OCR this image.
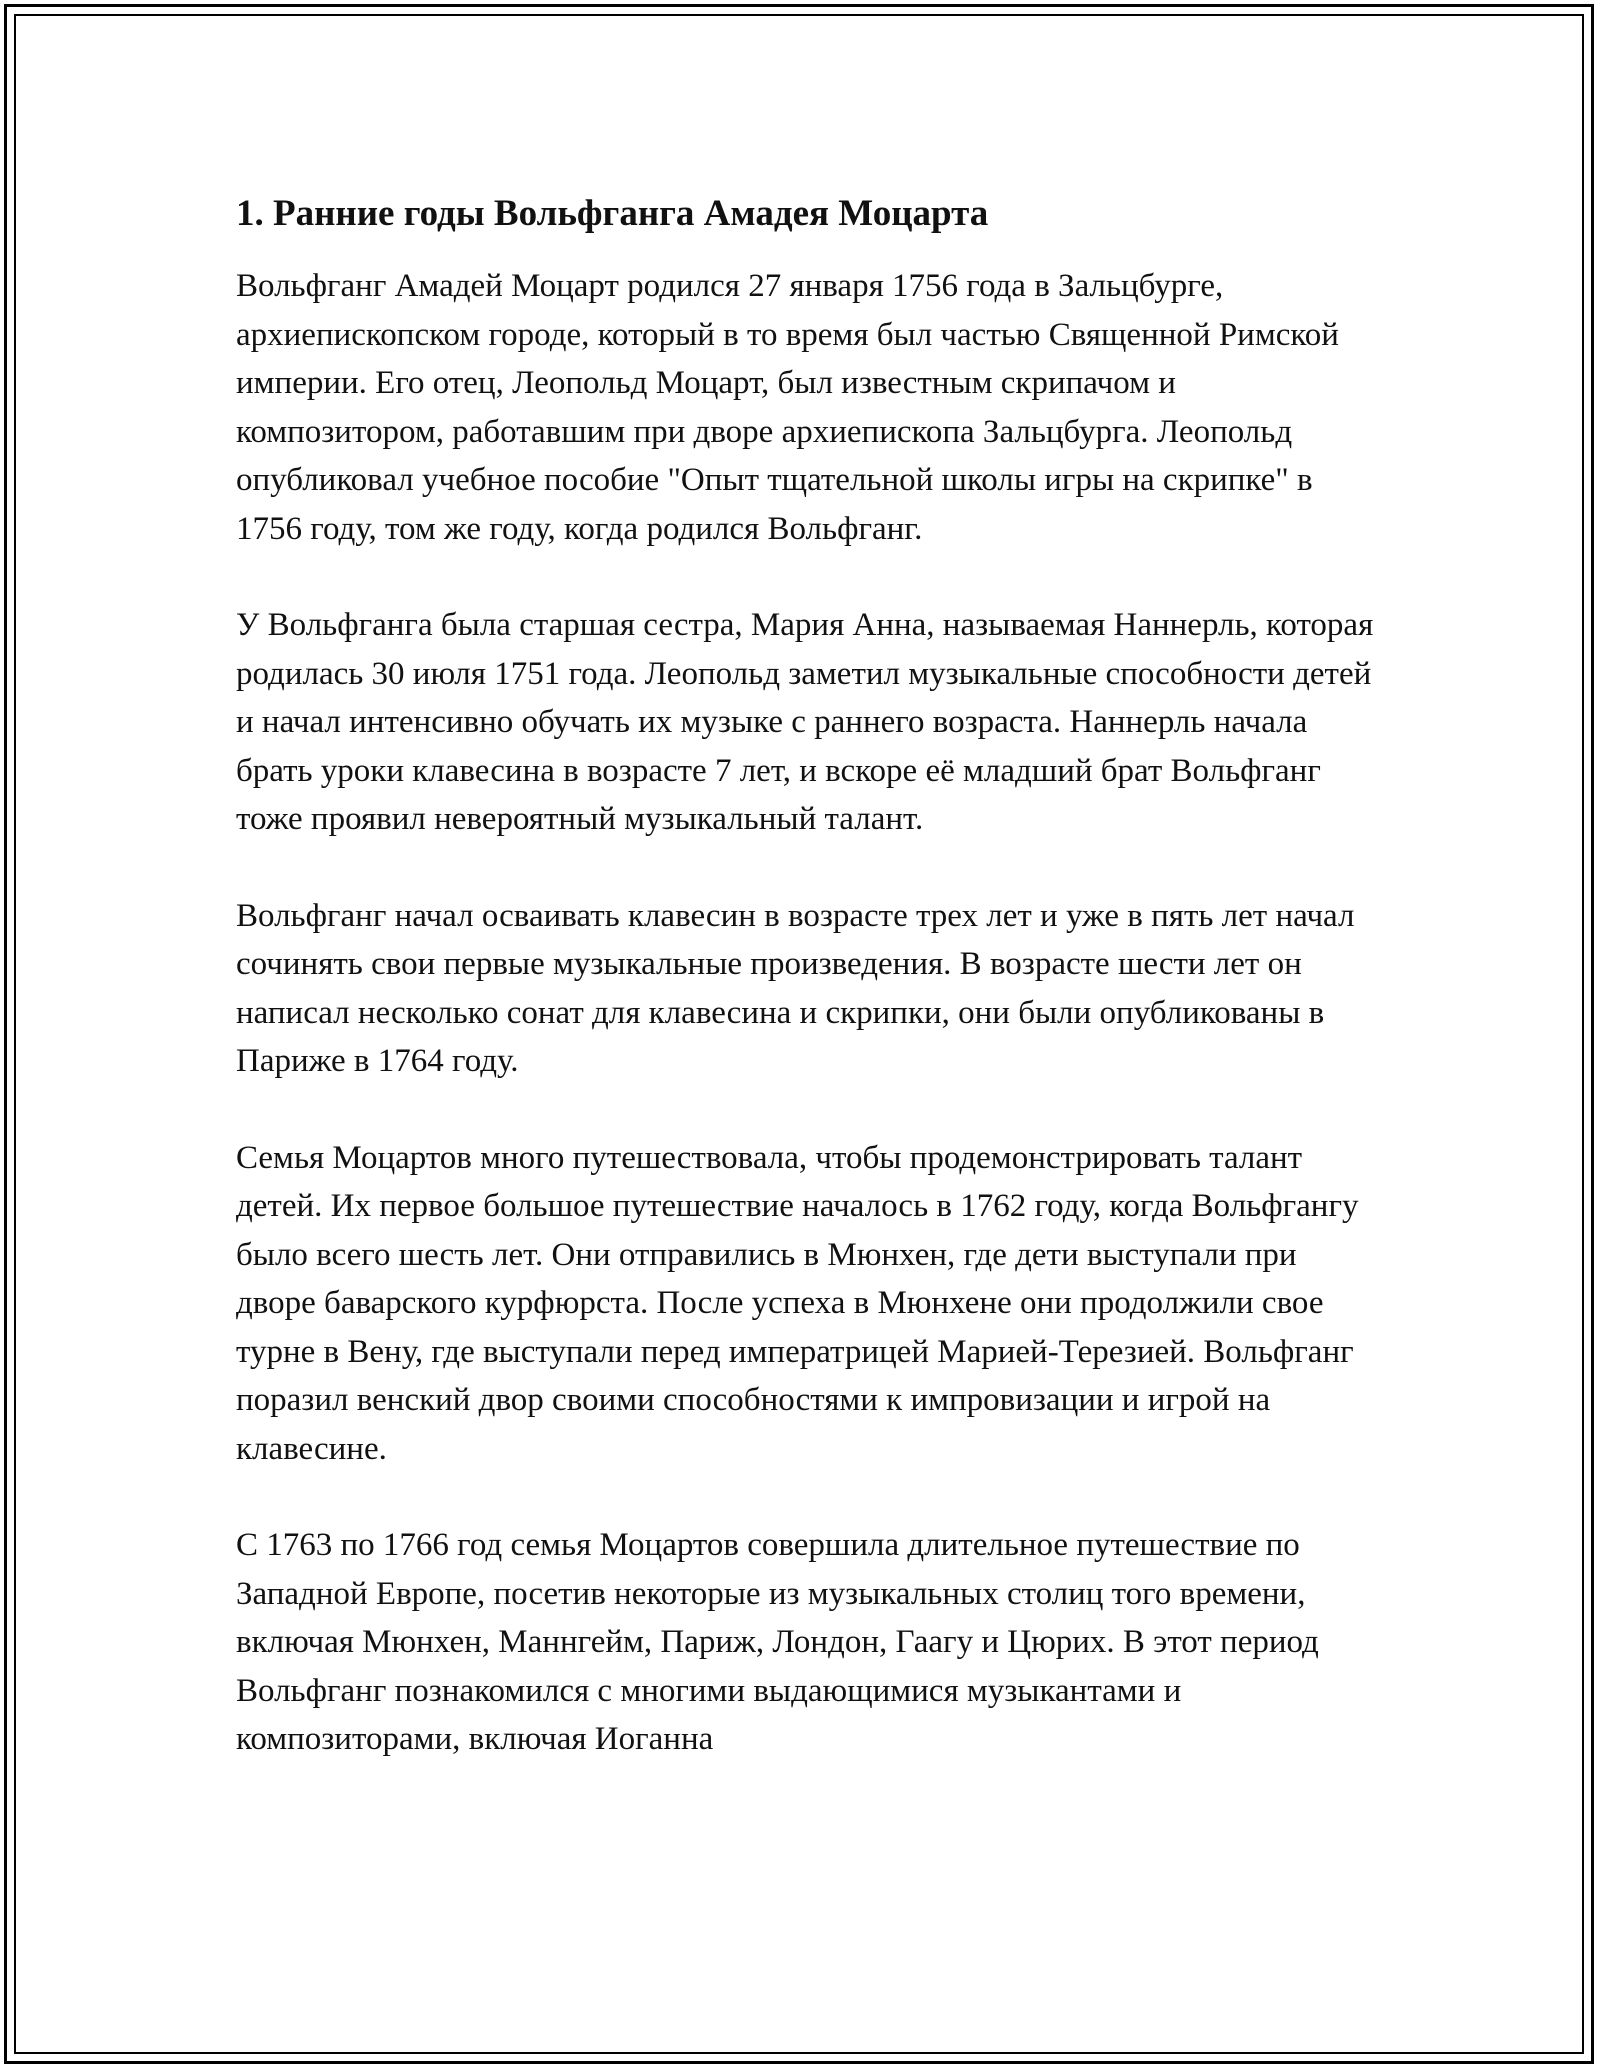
1. Ранние годы Вольфганга Амадея Моцарта

Вольфганг Амадей Моцарт родился 27 января 1756 года в Зальцбурге, архиепископском городе, который в то время был частью Священной Римской империи. Его отец, Леопольд Моцарт, был известным скрипачом и композитором, работавшим при дворе архиепископа Зальцбурга. Леопольд опубликовал учебное пособие "Опыт тщательной школы игры на скрипке" в 1756 году, том же году, когда родился Вольфганг.

У Вольфганга была старшая сестра, Мария Анна, называемая Наннерль, которая родилась 30 июля 1751 года. Леопольд заметил музыкальные способности детей и начал интенсивно обучать их музыке с раннего возраста. Наннерль начала брать уроки клавесина в возрасте 7 лет, и вскоре её младший брат Вольфганг тоже проявил невероятный музыкальный талант.

Вольфганг начал осваивать клавесин в возрасте трех лет и уже в пять лет начал сочинять свои первые музыкальные произведения. В возрасте шести лет он написал несколько сонат для клавесина и скрипки, они были опубликованы в Париже в 1764 году.

Семья Моцартов много путешествовала, чтобы продемонстрировать талант детей. Их первое большое путешествие началось в 1762 году, когда Вольфгангу было всего шесть лет. Они отправились в Мюнхен, где дети выступали при дворе баварского курфюрста. После успеха в Мюнхене они продолжили свое турне в Вену, где выступали перед императрицей Марией-Терезией. Вольфганг поразил венский двор своими способностями к импровизации и игрой на клавесине.

С 1763 по 1766 год семья Моцартов совершила длительное путешествие по Западной Европе, посетив некоторые из музыкальных столиц того времени, включая Мюнхен, Маннгейм, Париж, Лондон, Гаагу и Цюрих. В этот период Вольфганг познакомился с многими выдающимися музыкантами и композиторами, включая Иоганна
